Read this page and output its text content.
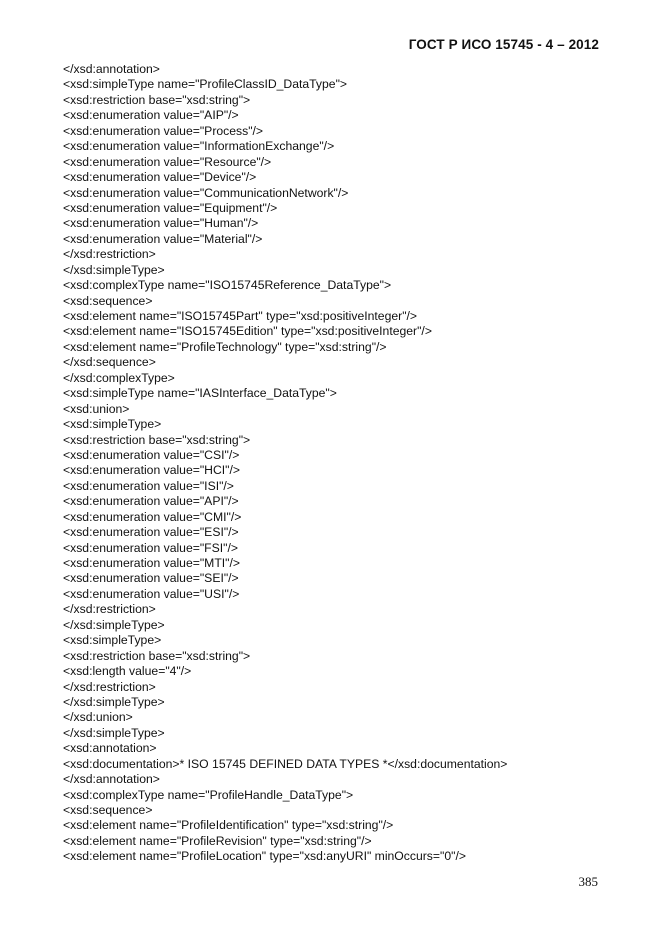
ГОСТ Р ИСО 15745 - 4 – 2012
</xsd:annotation>
<xsd:simpleType name="ProfileClassID_DataType">
<xsd:restriction base="xsd:string">
<xsd:enumeration value="AIP"/>
<xsd:enumeration value="Process"/>
<xsd:enumeration value="InformationExchange"/>
<xsd:enumeration value="Resource"/>
<xsd:enumeration value="Device"/>
<xsd:enumeration value="CommunicationNetwork"/>
<xsd:enumeration value="Equipment"/>
<xsd:enumeration value="Human"/>
<xsd:enumeration value="Material"/>
</xsd:restriction>
</xsd:simpleType>
<xsd:complexType name="ISO15745Reference_DataType">
<xsd:sequence>
<xsd:element name="ISO15745Part" type="xsd:positiveInteger"/>
<xsd:element name="ISO15745Edition" type="xsd:positiveInteger"/>
<xsd:element name="ProfileTechnology" type="xsd:string"/>
</xsd:sequence>
</xsd:complexType>
<xsd:simpleType name="IASInterface_DataType">
<xsd:union>
<xsd:simpleType>
<xsd:restriction base="xsd:string">
<xsd:enumeration value="CSI"/>
<xsd:enumeration value="HCI"/>
<xsd:enumeration value="ISI"/>
<xsd:enumeration value="API"/>
<xsd:enumeration value="CMI"/>
<xsd:enumeration value="ESI"/>
<xsd:enumeration value="FSI"/>
<xsd:enumeration value="MTI"/>
<xsd:enumeration value="SEI"/>
<xsd:enumeration value="USI"/>
</xsd:restriction>
</xsd:simpleType>
<xsd:simpleType>
<xsd:restriction base="xsd:string">
<xsd:length value="4"/>
</xsd:restriction>
</xsd:simpleType>
</xsd:union>
</xsd:simpleType>
<xsd:annotation>
<xsd:documentation>* ISO 15745 DEFINED DATA TYPES *</xsd:documentation>
</xsd:annotation>
<xsd:complexType name="ProfileHandle_DataType">
<xsd:sequence>
<xsd:element name="ProfileIdentification" type="xsd:string"/>
<xsd:element name="ProfileRevision" type="xsd:string"/>
<xsd:element name="ProfileLocation" type="xsd:anyURI" minOccurs="0"/>
385
